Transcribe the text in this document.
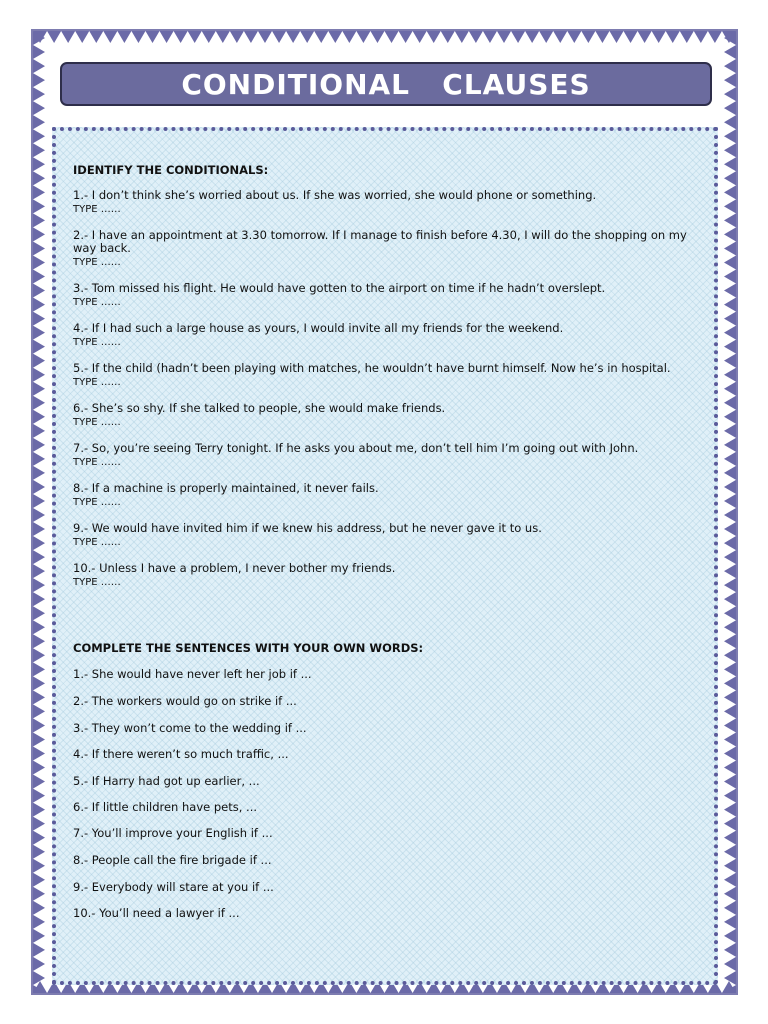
CONDITIONAL   CLAUSES

IDENTIFY THE CONDITIONALS:

1.- I don’t think she’s worried about us. If she was worried, she would phone or something.

TYPE ……

2.- I have an appointment at 3.30 tomorrow. If I manage to finish before 4.30, I will do the shopping on my way back.

TYPE ……

3.- Tom missed his flight. He would have gotten to the airport on time if he hadn’t overslept.

TYPE ……

4.- If I had such a large house as yours, I would invite all my friends for the weekend.

TYPE ……

5.- If the child (hadn’t been playing with matches, he wouldn’t have burnt himself. Now he’s in hospital.

TYPE ……

6.- She’s so shy. If she talked to people, she would make friends.

TYPE ……

7.- So, you’re seeing Terry tonight. If he asks you about me, don’t tell him I’m going out with John.

TYPE ……

8.- If a machine is properly maintained, it never fails.

TYPE ……

9.- We would have invited him if we knew his address, but he never gave it to us.

TYPE ……

10.- Unless I have a problem, I never bother my friends.

TYPE ……

COMPLETE THE SENTENCES WITH YOUR OWN WORDS:

1.- She would have never left her job if ...

2.- The workers would go on strike if ...

3.- They won’t come to the wedding if ...

4.- If there weren’t so much traffic, ...

5.- If Harry had got up earlier, ...

6.- If little children have pets, ...

7.- You’ll improve your English if ...

8.- People call the fire brigade if ...

9.- Everybody will stare at you if ...

10.- You’ll need a lawyer if ...
